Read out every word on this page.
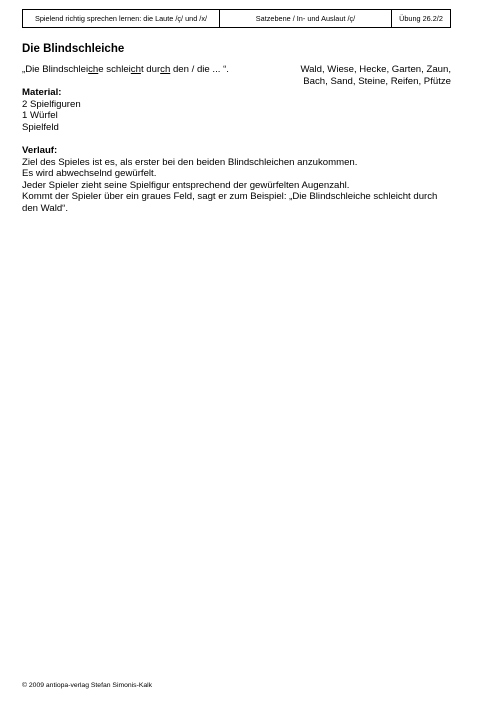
Spielend richtig sprechen lernen: die Laute /ç/ und /x/	Satzebene / In- und Auslaut /ç/	Übung 26.2/2
Die Blindschleiche
„Die Blindschleiche schleicht durch den / die ... “.	Wald, Wiese, Hecke, Garten, Zaun,
Bach, Sand, Steine, Reifen, Pfütze
Material:
2 Spielfiguren
1 Würfel
Spielfeld
Verlauf:
Ziel des Spieles ist es, als erster bei den beiden Blindschleichen anzukommen.
Es wird abwechselnd gewürfelt.
Jeder Spieler zieht seine Spielfigur entsprechend der gewürfelten Augenzahl.
Kommt der Spieler über ein graues Feld, sagt er zum Beispiel: „Die Blindschleiche schleicht durch den Wald“.
© 2009 antiopa-verlag Stefan Simonis-Kalk
